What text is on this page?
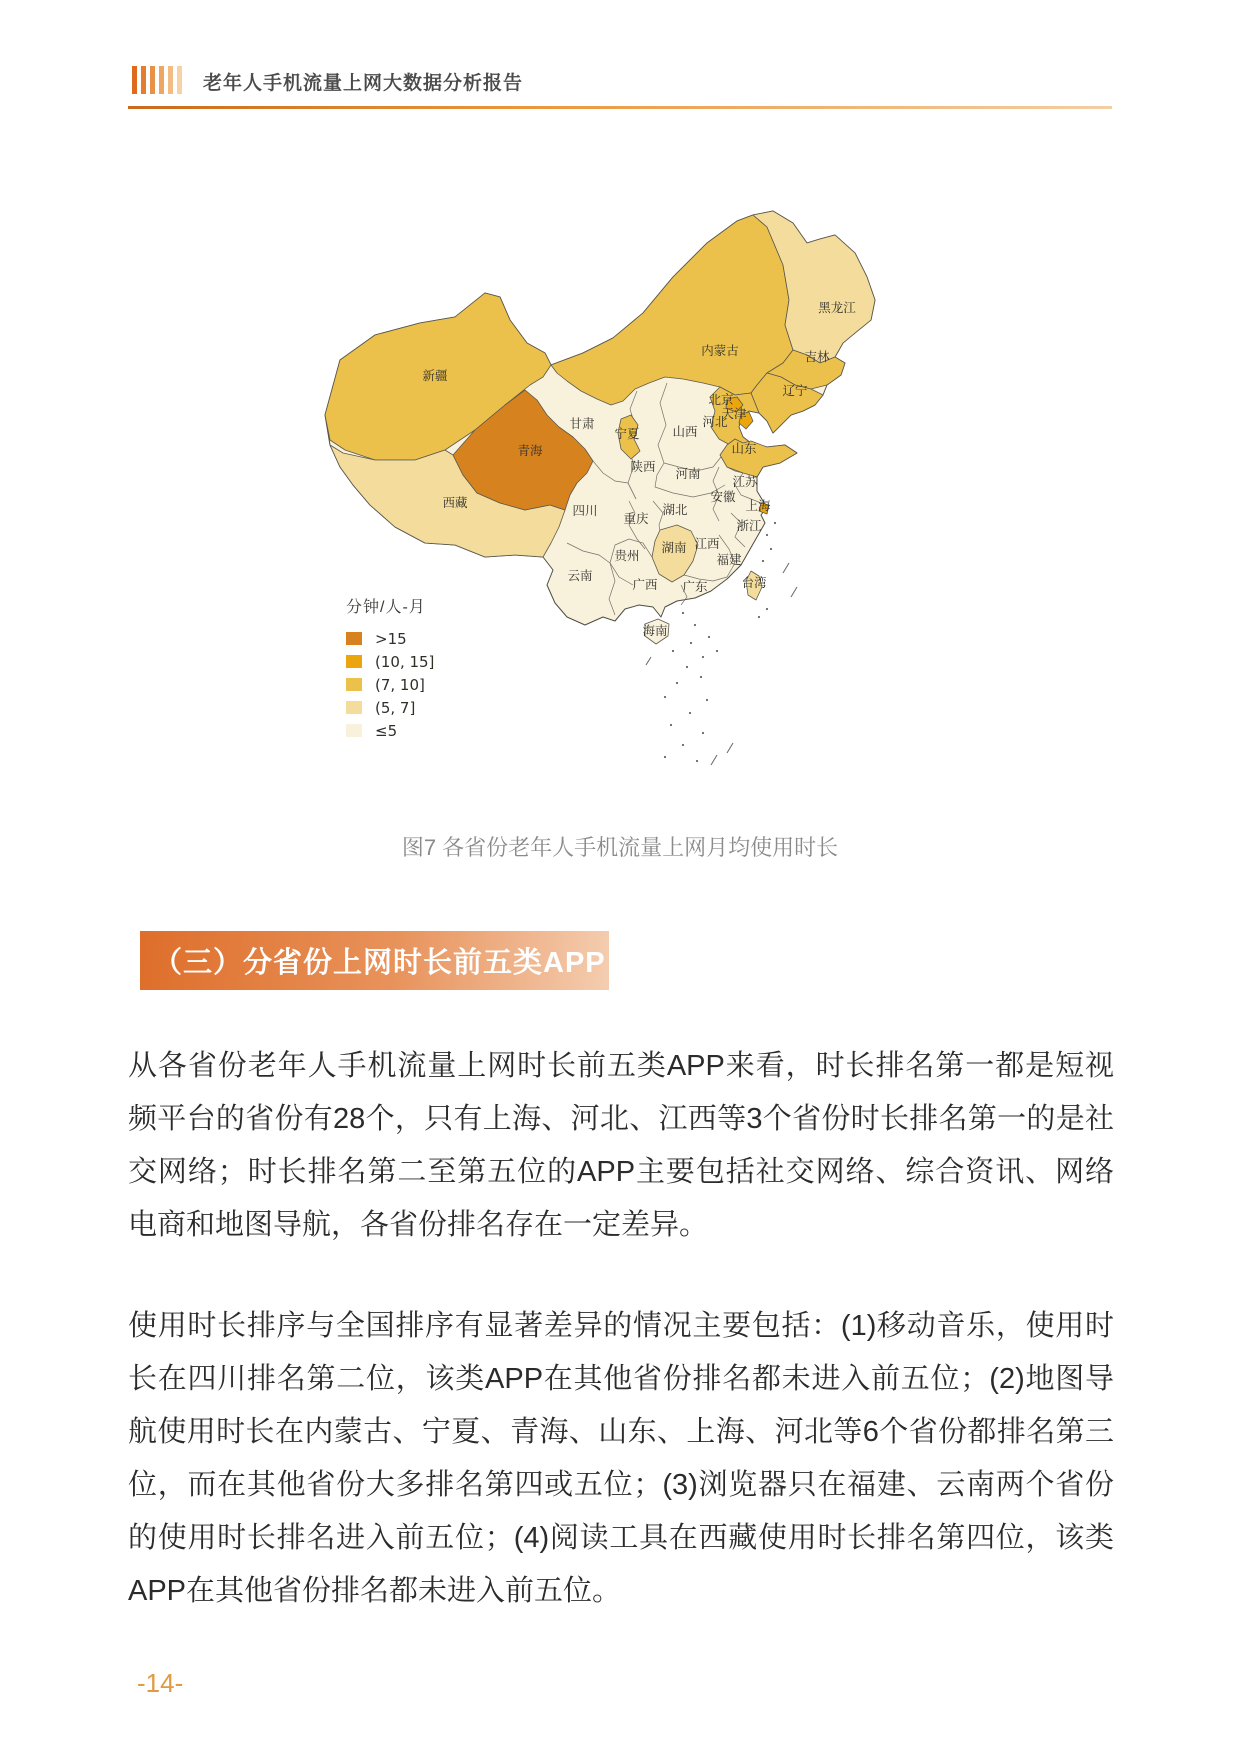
老年人手机流量上网大数据分析报告
新疆
西藏
青海
甘肃
内蒙古
黑龙江
吉林
辽宁
河北
北京
天津
山东
宁夏	山西
陕西 河南
江苏
安徽
上海
浙江
湖北
重庆
四川
贵州
湖南 江西
福建
云南
广西 广东
海南
台湾
分钟/人-月
>15
(10, 15]
(7, 10]
(5, 7]
≤5
图7 各省份老年人手机流量上网月均使用时长
（三）分省份上网时长前五类APP
从各省份老年人手机流量上网时长前五类APP来看，时长排名第一都是短视频平台的省份有28个，只有上海、河北、江西等3个省份时长排名第一的是社交网络；时长排名第二至第五位的APP主要包括社交网络、综合资讯、网络电商和地图导航，各省份排名存在一定差异。
使用时长排序与全国排序有显著差异的情况主要包括：(1)移动音乐，使用时长在四川排名第二位，该类APP在其他省份排名都未进入前五位；(2)地图导航使用时长在内蒙古、宁夏、青海、山东、上海、河北等6个省份都排名第三位，而在其他省份大多排名第四或五位；(3)浏览器只在福建、云南两个省份的使用时长排名进入前五位；(4)阅读工具在西藏使用时长排名第四位，该类APP在其他省份排名都未进入前五位。
-14-
